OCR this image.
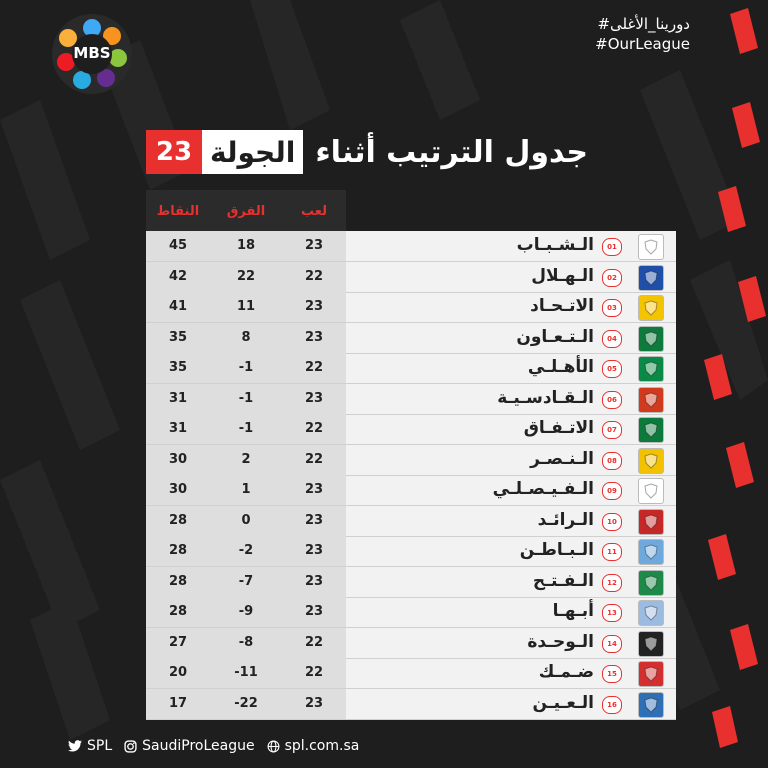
MBS
#دورينا_الأغلى
#OurLeague
23 الجولة جدول الترتيب أثناء
النقاط	الفرق	لعب
45	18	23	الـشـبـاب	01
42	22	22	الـهـلال	02
41	11	23	الاتـحـاد	03
35	8	23	الـتـعـاون	04
35	-1	22	الأهـلـي	05
31	-1	23	الـقـادسـيـة	06
31	-1	22	الاتـفـاق	07
30	2	22	الـنـصـر	08
30	1	23	الـفـيـصـلـي	09
28	0	23	الـرائـد	10
28	-2	23	الـبـاطـن	11
28	-7	23	الـفـتـح	12
28	-9	23	أبـهـا	13
27	-8	22	الـوحـدة	14
20	-11	22	ضـمـك	15
17	-22	23	الـعـيـن	16
SPL SaudiProLeague spl.com.sa
